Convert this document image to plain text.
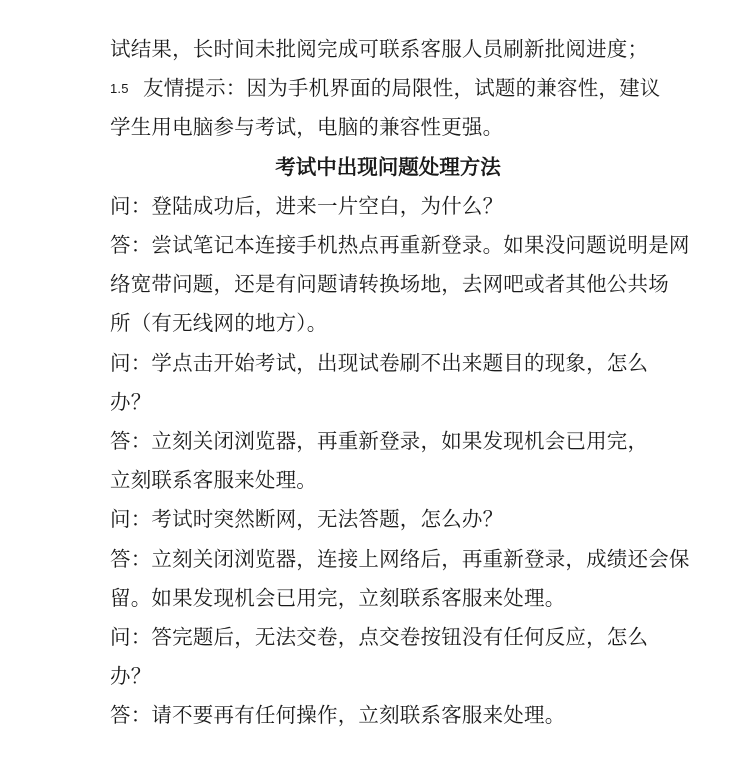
试结果，长时间未批阅完成可联系客服人员刷新批阅进度；
1.5 友情提示：因为手机界面的局限性，试题的兼容性，建议
学生用电脑参与考试，电脑的兼容性更强。
考试中出现问题处理方法
问：登陆成功后，进来一片空白，为什么？
答：尝试笔记本连接手机热点再重新登录。如果没问题说明是网
络宽带问题，还是有问题请转换场地，去网吧或者其他公共场
所（有无线网的地方）。
问：学点击开始考试，出现试卷刷不出来题目的现象，怎么
办？
答：立刻关闭浏览器，再重新登录，如果发现机会已用完，
立刻联系客服来处理。
问：考试时突然断网，无法答题，怎么办？
答：立刻关闭浏览器，连接上网络后，再重新登录，成绩还会保
留。如果发现机会已用完，立刻联系客服来处理。
问：答完题后，无法交卷，点交卷按钮没有任何反应，怎么
办？
答：请不要再有任何操作，立刻联系客服来处理。
